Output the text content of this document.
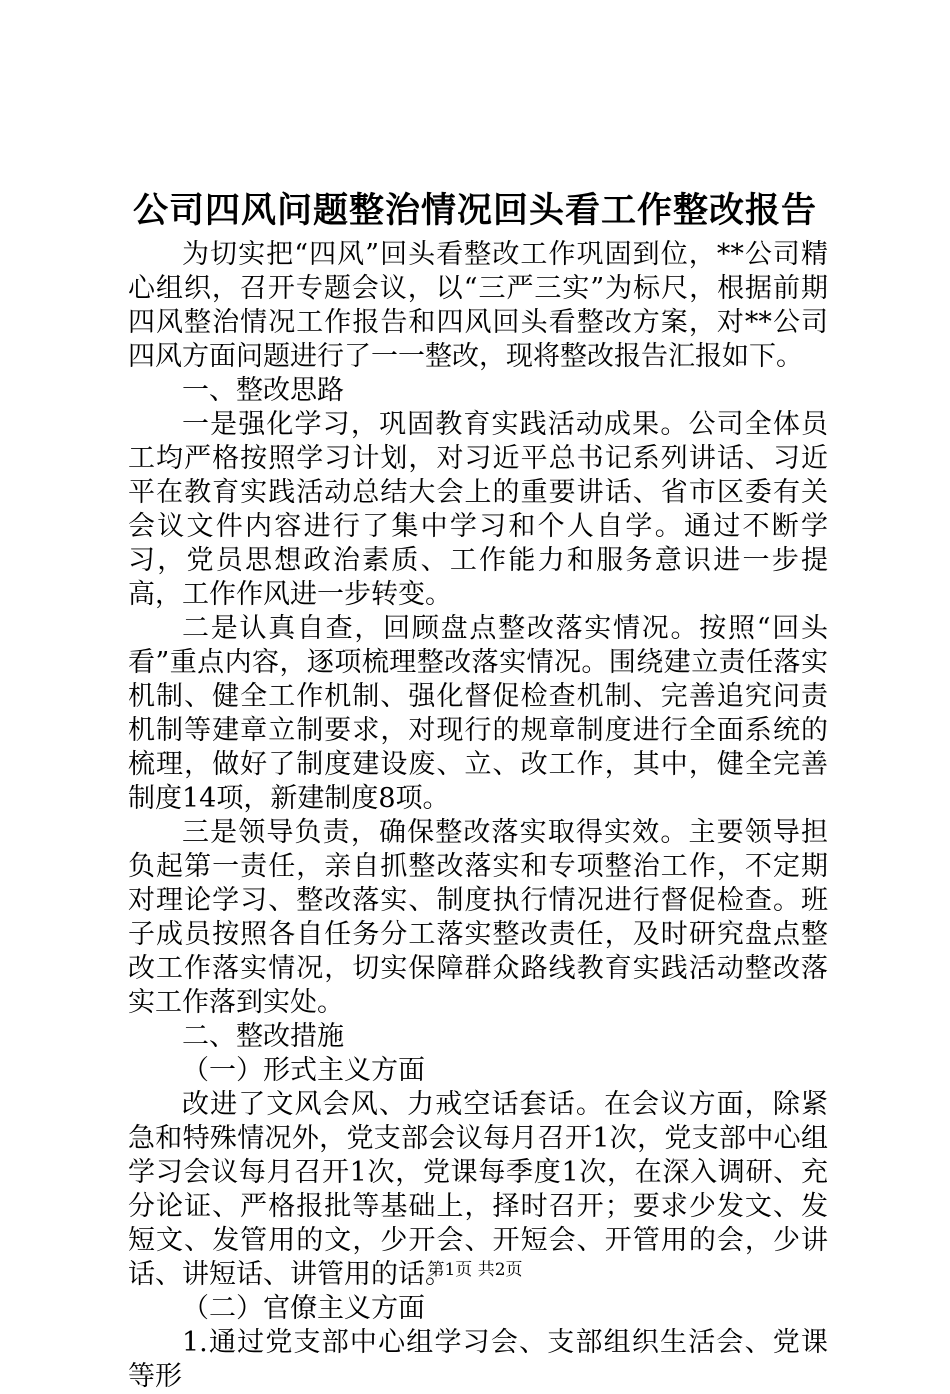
公司四风问题整治情况回头看工作整改报告

为切实把“四风”回头看整改工作巩固到位，**公司精心组织，召开专题会议，以“三严三实”为标尺，根据前期四风整治情况工作报告和四风回头看整改方案，对**公司四风方面问题进行了一一整改，现将整改报告汇报如下。

一、整改思路

一是强化学习，巩固教育实践活动成果。公司全体员工均严格按照学习计划，对习近平总书记系列讲话、习近平在教育实践活动总结大会上的重要讲话、省市区委有关会议文件内容进行了集中学习和个人自学。通过不断学习，党员思想政治素质、工作能力和服务意识进一步提高，工作作风进一步转变。

二是认真自查，回顾盘点整改落实情况。按照“回头看”重点内容，逐项梳理整改落实情况。围绕建立责任落实机制、健全工作机制、强化督促检查机制、完善追究问责机制等建章立制要求，对现行的规章制度进行全面系统的梳理，做好了制度建设废、立、改工作，其中，健全完善制度14项，新建制度8项。

三是领导负责，确保整改落实取得实效。主要领导担负起第一责任，亲自抓整改落实和专项整治工作，不定期对理论学习、整改落实、制度执行情况进行督促检查。班子成员按照各自任务分工落实整改责任，及时研究盘点整改工作落实情况，切实保障群众路线教育实践活动整改落实工作落到实处。

二、整改措施

（一）形式主义方面

改进了文风会风、力戒空话套话。在会议方面，除紧急和特殊情况外，党支部会议每月召开1次，党支部中心组学习会议每月召开1次，党课每季度1次，在深入调研、充分论证、严格报批等基础上，择时召开；要求少发文、发短文、发管用的文，少开会、开短会、开管用的会，少讲话、讲短话、讲管用的话。

（二）官僚主义方面

1.通过党支部中心组学习会、支部组织生活会、党课等形

第1页 共2页
